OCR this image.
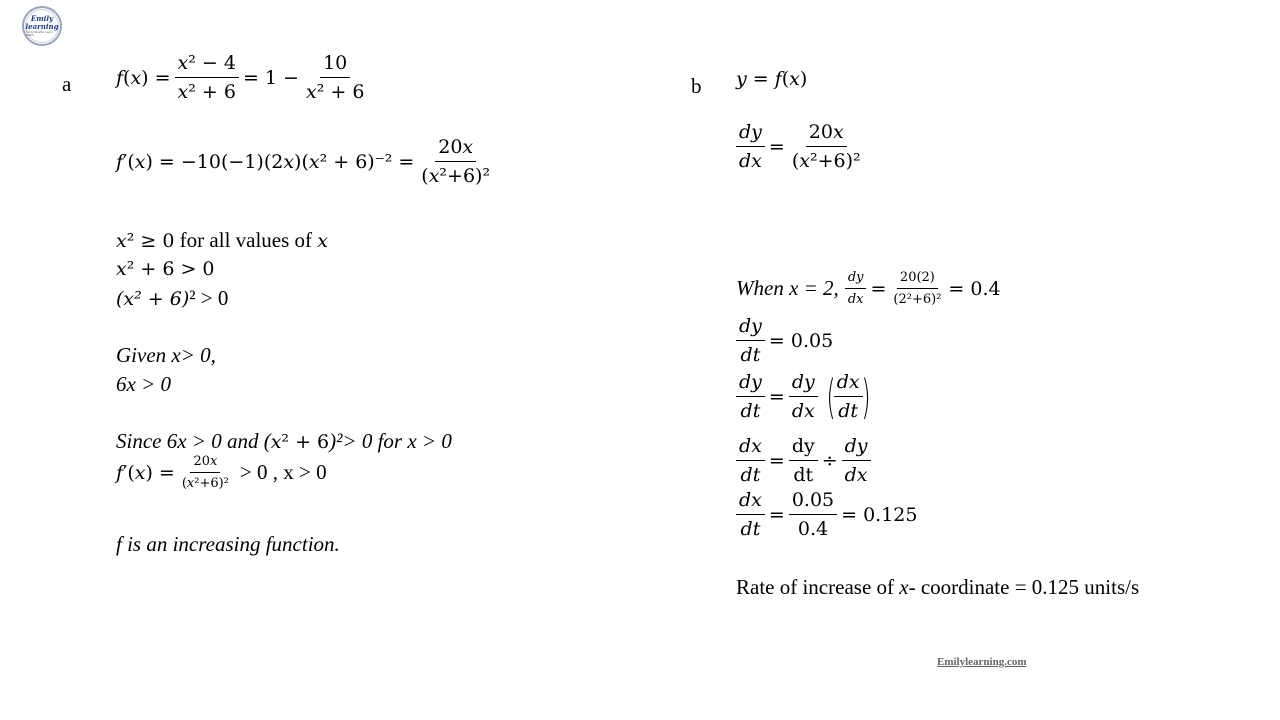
Emily
learning
Study Smarter. Learn Better.
a 𝑓(𝑥) = $\frac{\text{𝑥² − 4}}{\text{𝑥² + 6}} = 1 - \frac{10}{\text{𝑥² + 6}}$
𝑓′(𝑥) = −10(−1)(2𝑥)(𝑥² + $6)^{-2} = \frac{\text{20𝑥}}{\text{(𝑥²+6)²}}$
𝑥² ≥ 0 for all values of 𝑥
𝑥² + 6 > 0
(𝑥² + 6)² > 0
Given x> 0,
6x > 0
Since 6x > 0 and (𝑥² + 6)²> 0 for x > 0
𝑓′(𝑥) = $\frac{\text{20𝑥}}{\text{(𝑥²+6)²}} > 0$ , x > 0
f is an increasing function.
b 𝑦 = 𝑓(𝑥)
$\frac{\text{𝑑𝑦}}{\text{𝑑𝑥}} = \frac{\text{20𝑥}}{\text{(𝑥²+6)²}}$
When x = 2, $\frac{\text{𝑑𝑦}}{\text{𝑑𝑥}} = \frac{20(2)}{\text{(2²+6)²}} = 0.4$
$\frac{\text{𝑑𝑦}}{\text{𝑑𝑡}} = 0.05$
$\frac{\text{𝑑𝑦}}{\text{𝑑𝑡}} = \frac{\text{𝑑𝑦}}{\text{𝑑𝑥}}$ (
$\frac{\text{𝑑𝑥}}{\text{𝑑𝑡}}$
)
$\frac{\text{𝑑𝑥}}{\text{𝑑𝑡}} = \frac{dy}{dt} \div \frac{\text{𝑑𝑦}}{\text{𝑑𝑥}}$
$\frac{\text{𝑑𝑥}}{\text{𝑑𝑡}} = \frac{0.05}{0.4} = 0.125$
Rate of increase of x- coordinate = 0.125 units/s
Emilylearning.com
